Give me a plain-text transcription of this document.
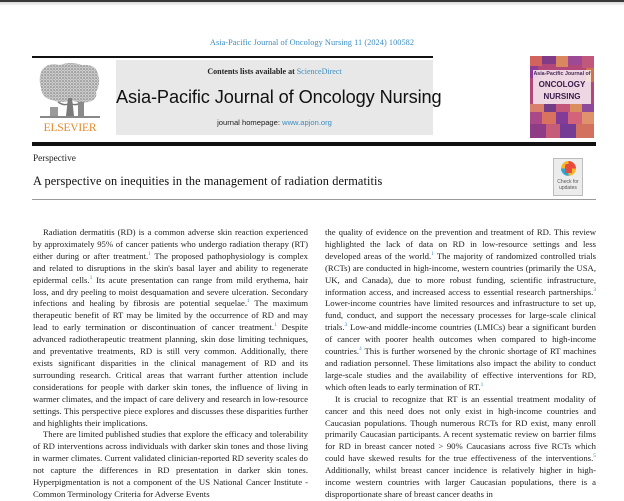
Asia-Pacific Journal of Oncology Nursing 11 (2024) 100582
ELSEVIER
Contents lists available at ScienceDirect
Asia-Pacific Journal of Oncology Nursing
journal homepage: www.apjon.org
Asia-Pacific Journal of
ONCOLOGY
NURSING
Perspective
A perspective on inequities in the management of radiation dermatitis	Check for updates

Radiation dermatitis (RD) is a common adverse skin reaction experienced by approximately 95% of cancer patients who undergo radiation therapy (RT) either during or after treatment.$^1$ The proposed pathophysiology is complex and related to disruptions in the skin's basal layer and ability to regenerate epidermal cells.$^1$ Its acute presentation can range from mild erythema, hair loss, and dry peeling to moist desquamation and severe ulceration. Secondary infections and healing by fibrosis are potential sequelae.$^1$ The maximum therapeutic benefit of RT may be limited by the occurrence of RD and may lead to early termination or discontinuation of cancer treatment.$^1$ Despite advanced radiotherapeutic treatment planning, skin dose limiting techniques, and preventative treatments, RD is still very common. Additionally, there exists significant disparities in the clinical management of RD and its surrounding research. Critical areas that warrant further attention include considerations for people with darker skin tones, the influence of living in warmer climates, and the impact of care delivery and research in low-resource settings. This perspective piece explores and discusses these disparities further and highlights their implications.

There are limited published studies that explore the efficacy and tolerability of RD interventions across individuals with darker skin tones and those living in warmer climates. Current validated clinician-reported RD severity scales do not capture the differences in RD presentation in darker skin tones. Hyperpigmentation is not a component of the US National Cancer Institute - Common Terminology Criteria for Adverse Events

the quality of evidence on the prevention and treatment of RD. This review highlighted the lack of data on RD in low-resource settings and less developed areas of the world.$^1$ The majority of randomized controlled trials (RCTs) are conducted in high-income, western countries (primarily the USA, UK, and Canada), due to more robust funding, scientific infrastructure, information access, and increased access to essential research partnerships.$^3$ Lower-income countries have limited resources and infrastructure to set up, fund, conduct, and support the necessary processes for large-scale clinical trials.$^3$ Low-and middle-income countries (LMICs) bear a significant burden of cancer with poorer health outcomes when compared to high-income countries.$^4$ This is further worsened by the chronic shortage of RT machines and radiation personnel. These limitations also impact the ability to conduct large-scale studies and the availability of effective interventions for RD, which often leads to early termination of RT.$^1$

It is crucial to recognize that RT is an essential treatment modality of cancer and this need does not only exist in high-income countries and Caucasian populations. Though numerous RCTs for RD exist, many enroll primarily Caucasian participants. A recent systematic review on barrier films for RD in breast cancer noted > 90% Caucasians across five RCTs which could have skewed results for the true effectiveness of the interventions.$^5$ Additionally, whilst breast cancer incidence is relatively higher in high-income western countries with larger Caucasian populations, there is a disproportionate share of breast cancer deaths in
